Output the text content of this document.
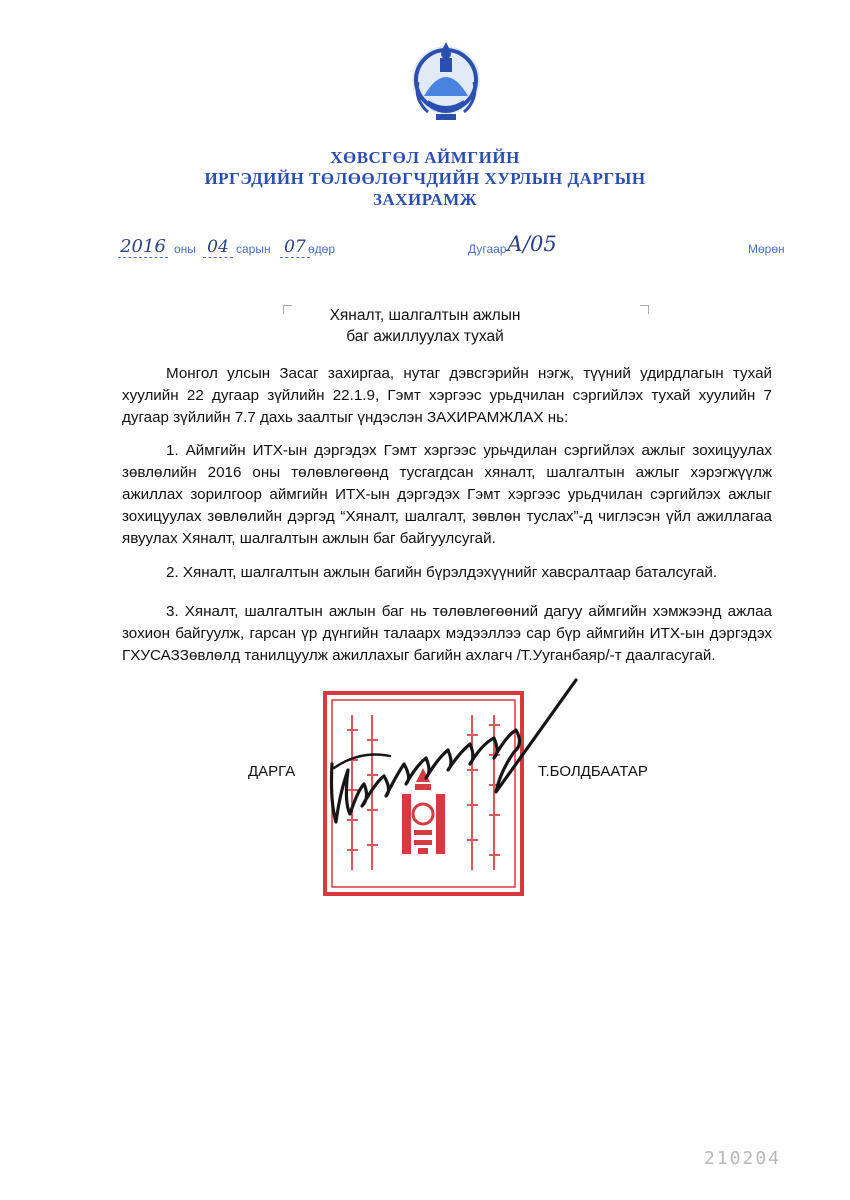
ХӨВСГӨЛ АЙМГИЙН
ИРГЭДИЙН ТӨЛӨӨЛӨГЧДИЙН ХУРЛЫН ДАРГЫН
ЗАХИРАМЖ
2016 оны 04 сарын 07 өдөр	Дугаар А/05	Мөрөн
Хяналт, шалгалтын ажлын
баг ажиллуулах тухай

Монгол улсын Засаг захиргаа, нутаг дэвсгэрийн нэгж, түүний удирдлагын тухай хуулийн 22 дугаар зүйлийн 22.1.9, Гэмт хэргээс урьдчилан сэргийлэх тухай хуулийн 7 дугаар зүйлийн 7.7 дахь заалтыг үндэслэн ЗАХИРАМЖЛАХ нь:

1. Аймгийн ИТХ-ын дэргэдэх Гэмт хэргээс урьчдилан сэргийлэх ажлыг зохицуулах зөвлөлийн 2016 оны төлөвлөгөөнд тусгагдсан хяналт, шалгалтын ажлыг хэрэгжүүлж ажиллах зорилгоор аймгийн ИТХ-ын дэргэдэх Гэмт хэргээс урьдчилан сэргийлэх ажлыг зохицуулах зөвлөлийн дэргэд “Хяналт, шалгалт, зөвлөн туслах”-д чиглэсэн үйл ажиллагаа явуулах Хяналт, шалгалтын ажлын баг байгуулсугай.

2. Хяналт, шалгалтын ажлын багийн бүрэлдэхүүнийг хавсралтаар баталсугай.

3. Хяналт, шалгалтын ажлын баг нь төлөвлөгөөний дагуу аймгийн хэмжээнд ажлаа зохион байгуулж, гарсан үр дүнгийн талаарх мэдээллээ сар бүр аймгийн ИТХ-ын дэргэдэх ГХУСАЗЗөвлөлд танилцуулж ажиллахыг багийн ахлагч /Т.Ууганбаяр/-т даалгасугай.

ДАРГА	Т.БОЛДБААТАР
210204
